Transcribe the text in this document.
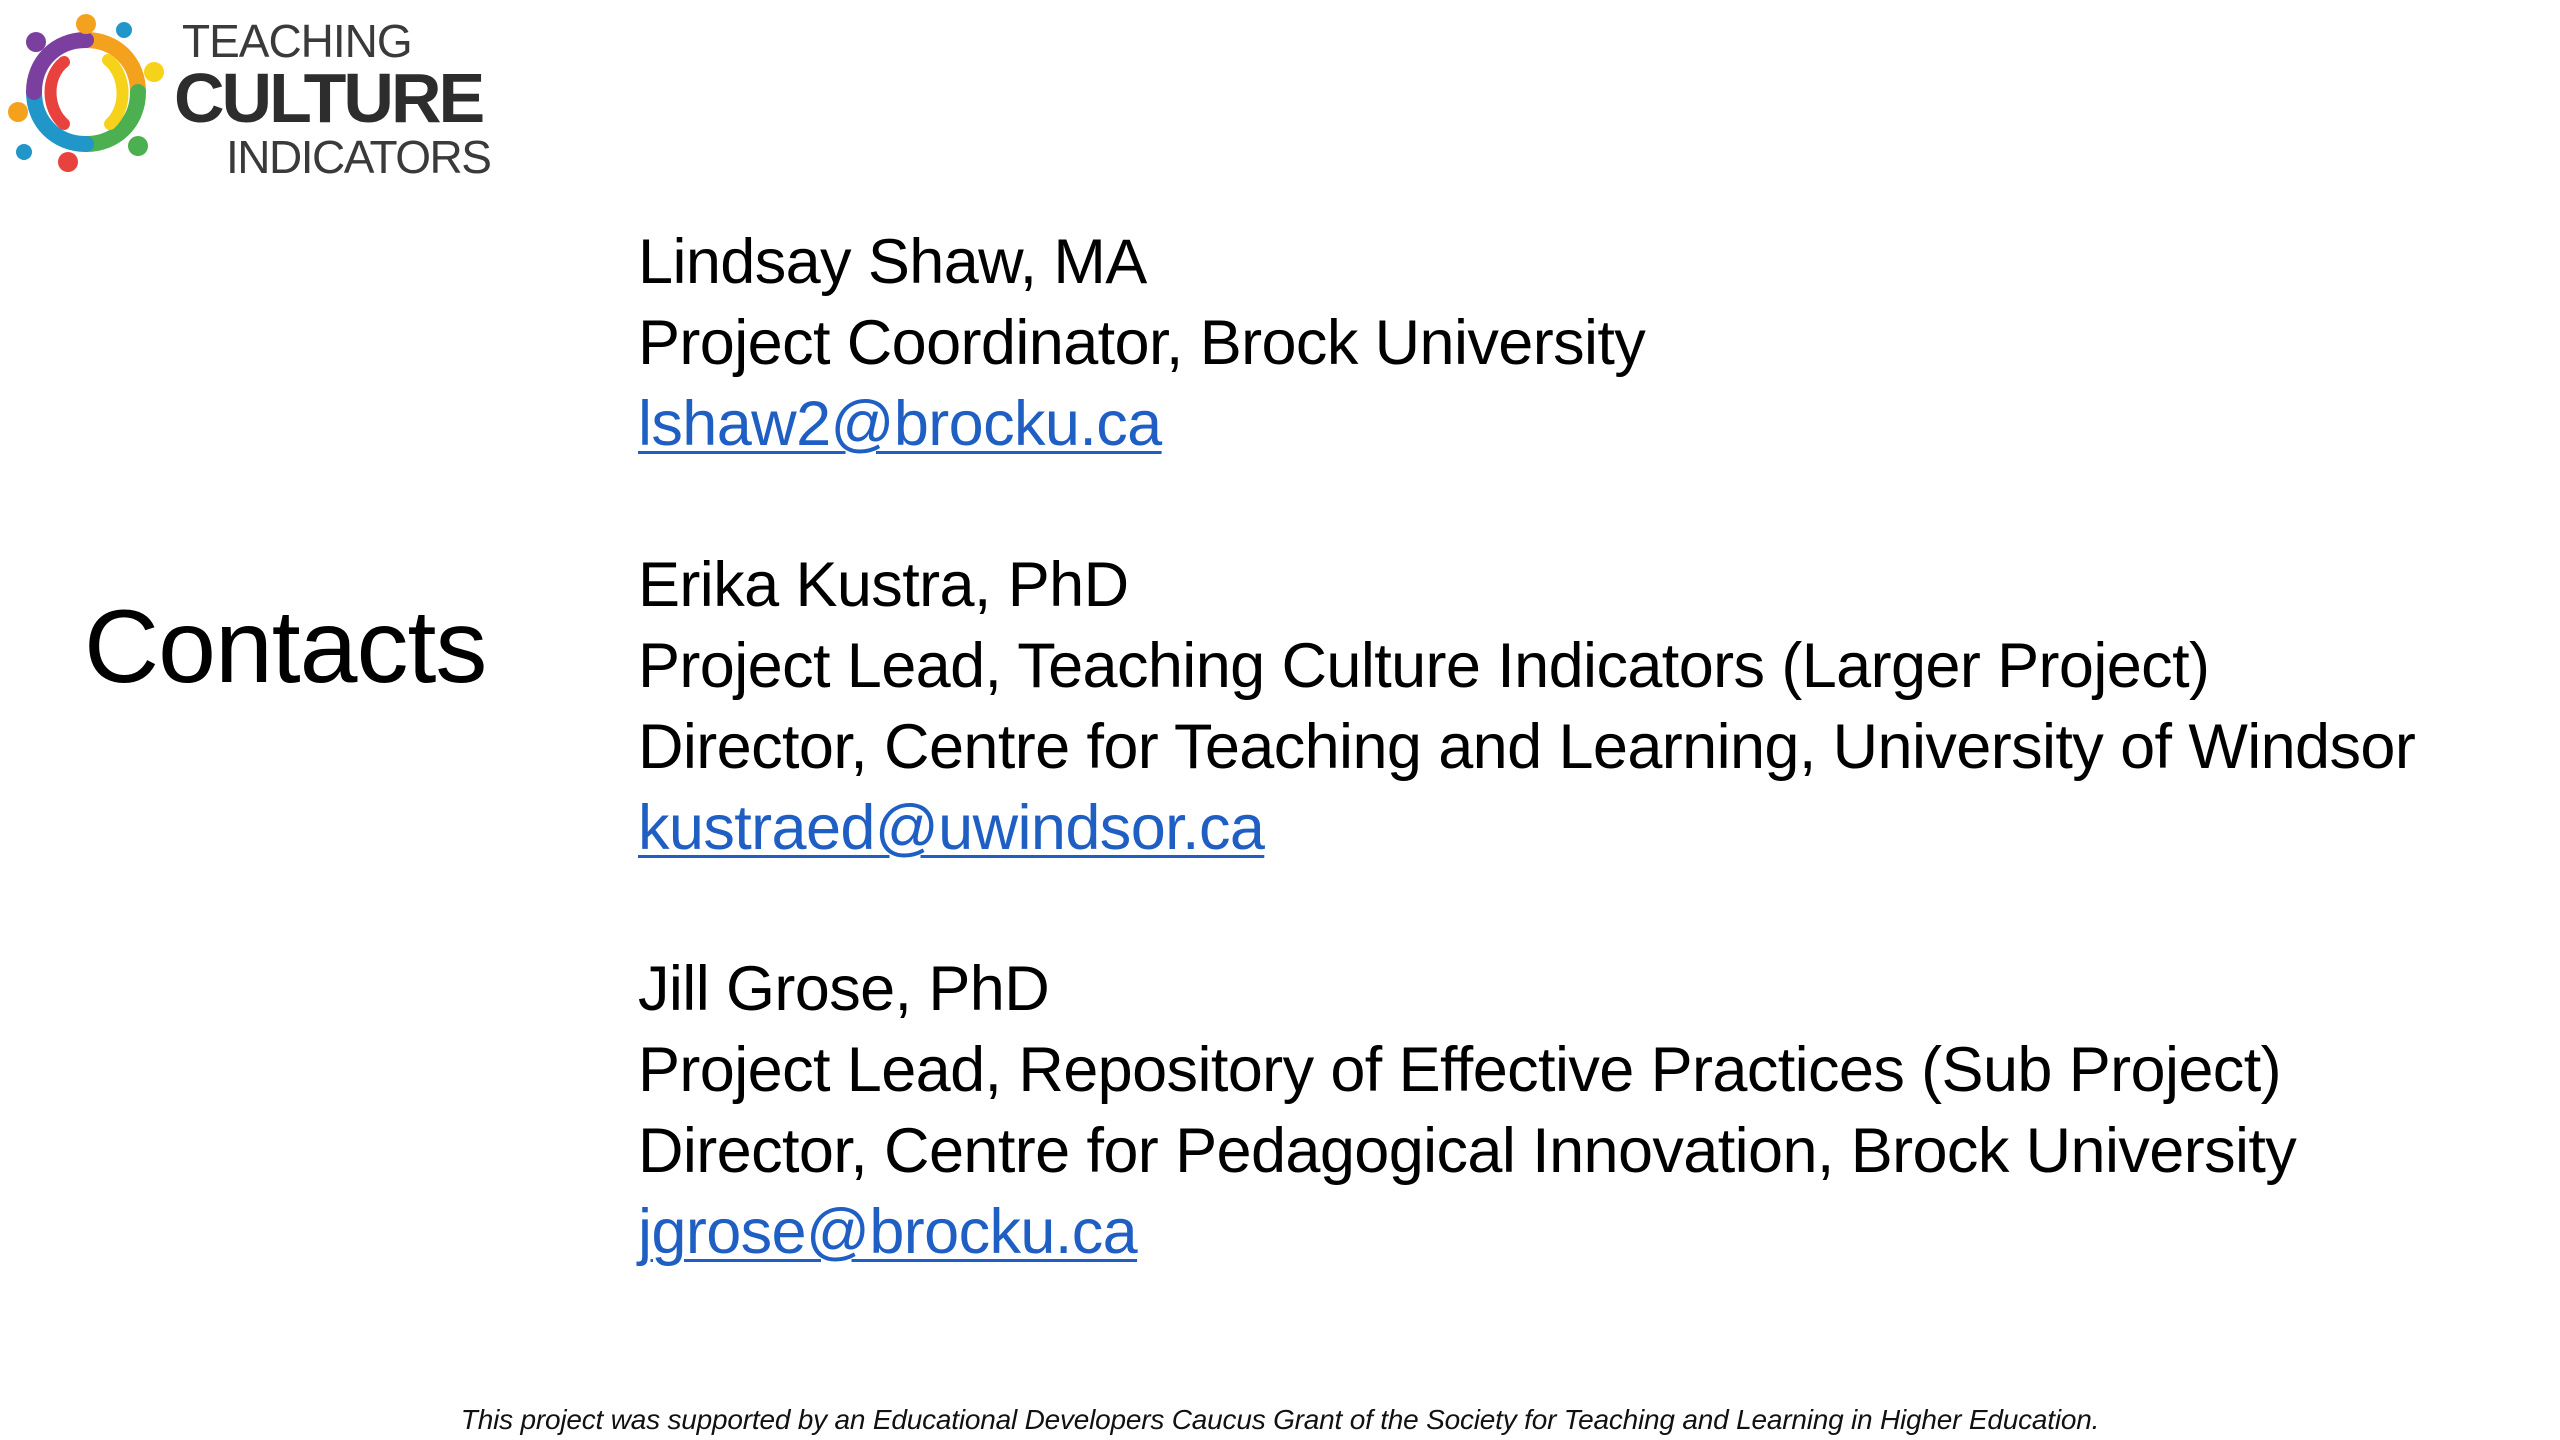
TEACHING
CULTURE
INDICATORS
Contacts
Lindsay Shaw, MA
Project Coordinator, Brock University
lshaw2@brocku.ca
Erika Kustra, PhD
Project Lead, Teaching Culture Indicators (Larger Project)
Director, Centre for Teaching and Learning, University of Windsor
kustraed@uwindsor.ca
Jill Grose, PhD
Project Lead, Repository of Effective Practices (Sub Project)
Director, Centre for Pedagogical Innovation, Brock University
jgrose@brocku.ca
This project was supported by an Educational Developers Caucus Grant of the Society for Teaching and Learning in Higher Education.
